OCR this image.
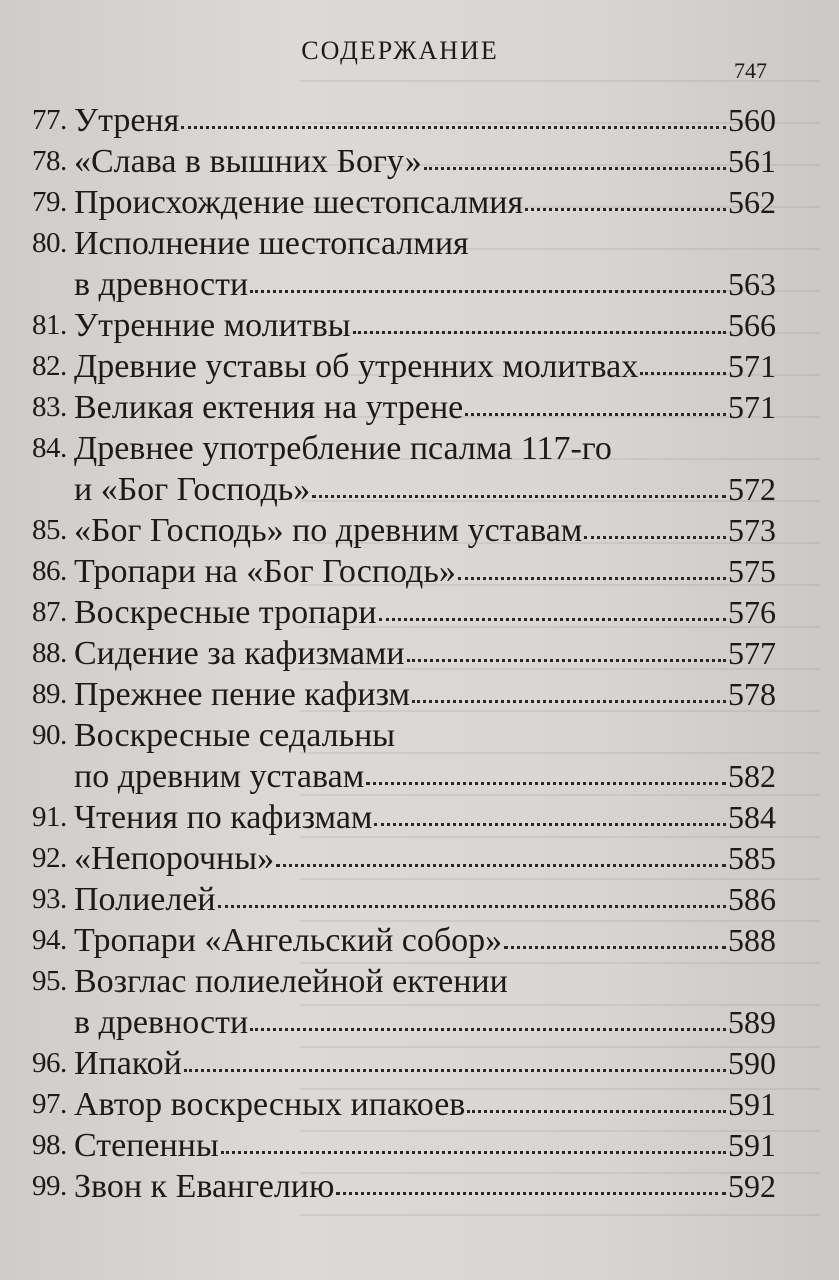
СОДЕРЖАНИЕ
747
77. Утреня	560
78. «Слава в вышних Богу»	561
79. Происхождение шестопсалмия	562
80. Исполнение шестопсалмия
в древности	563
81. Утренние молитвы	566
82. Древние уставы об утренних молитвах	571
83. Великая ектения на утрене	571
84. Древнее употребление псалма 117-го
и «Бог Господь»	572
85. «Бог Господь» по древним уставам	573
86. Тропари на «Бог Господь»	575
87. Воскресные тропари	576
88. Сидение за кафизмами	577
89. Прежнее пение кафизм	578
90. Воскресные седальны
по древним уставам	582
91. Чтения по кафизмам	584
92. «Непорочны»	585
93. Полиелей	586
94. Тропари «Ангельский собор»	588
95. Возглас полиелейной ектении
в древности	589
96. Ипакой	590
97. Автор воскресных ипакоев	591
98. Степенны	591
99. Звон к Евангелию	592
